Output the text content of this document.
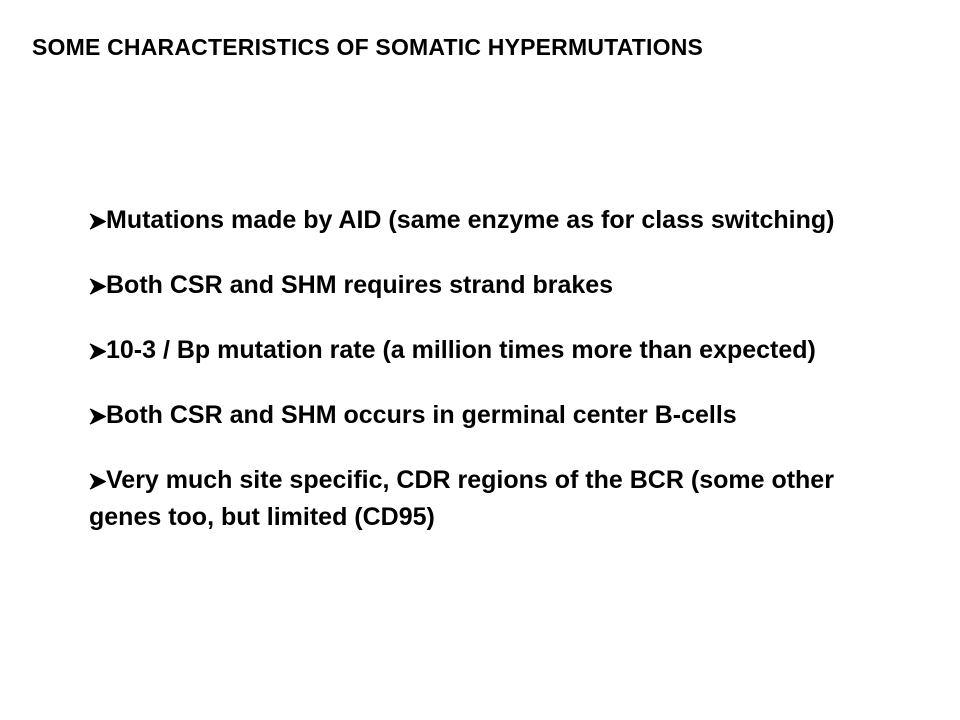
SOME CHARACTERISTICS OF SOMATIC HYPERMUTATIONS
Mutations made by AID (same enzyme as for class switching)
Both CSR and SHM requires strand brakes
10-3 / Bp mutation rate (a million times more than expected)
Both CSR and SHM occurs in germinal center B-cells
Very much site specific, CDR regions of the BCR (some other genes too, but limited (CD95)
